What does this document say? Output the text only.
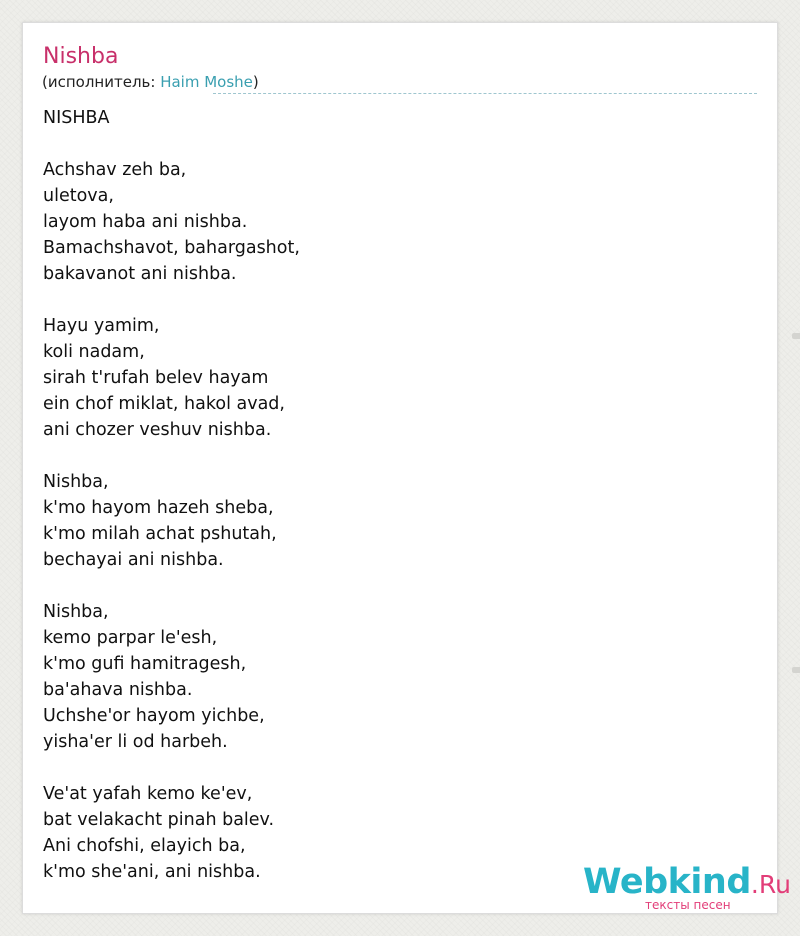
Nishba
(исполнитель: Haim Moshe)
NISHBA
Achshav zeh ba,
uletova,
layom haba ani nishba.
Bamachshavot, bahargashot,
bakavanot ani nishba.
Hayu yamim,
koli nadam,
sirah t'rufah belev hayam
ein chof miklat, hakol avad,
ani chozer veshuv nishba.
Nishba,
k'mo hayom hazeh sheba,
k'mo milah achat pshutah,
bechayai ani nishba.
Nishba,
kemo parpar le'esh,
k'mo gufi hamitragesh,
ba'ahava nishba.
Uchshe'or hayom yichbe,
yisha'er li od harbeh.
Ve'at yafah kemo ke'ev,
bat velakacht pinah balev.
Ani chofshi, elayich ba,
k'mo she'ani, ani nishba.	Webkind.Ru
тексты песен
